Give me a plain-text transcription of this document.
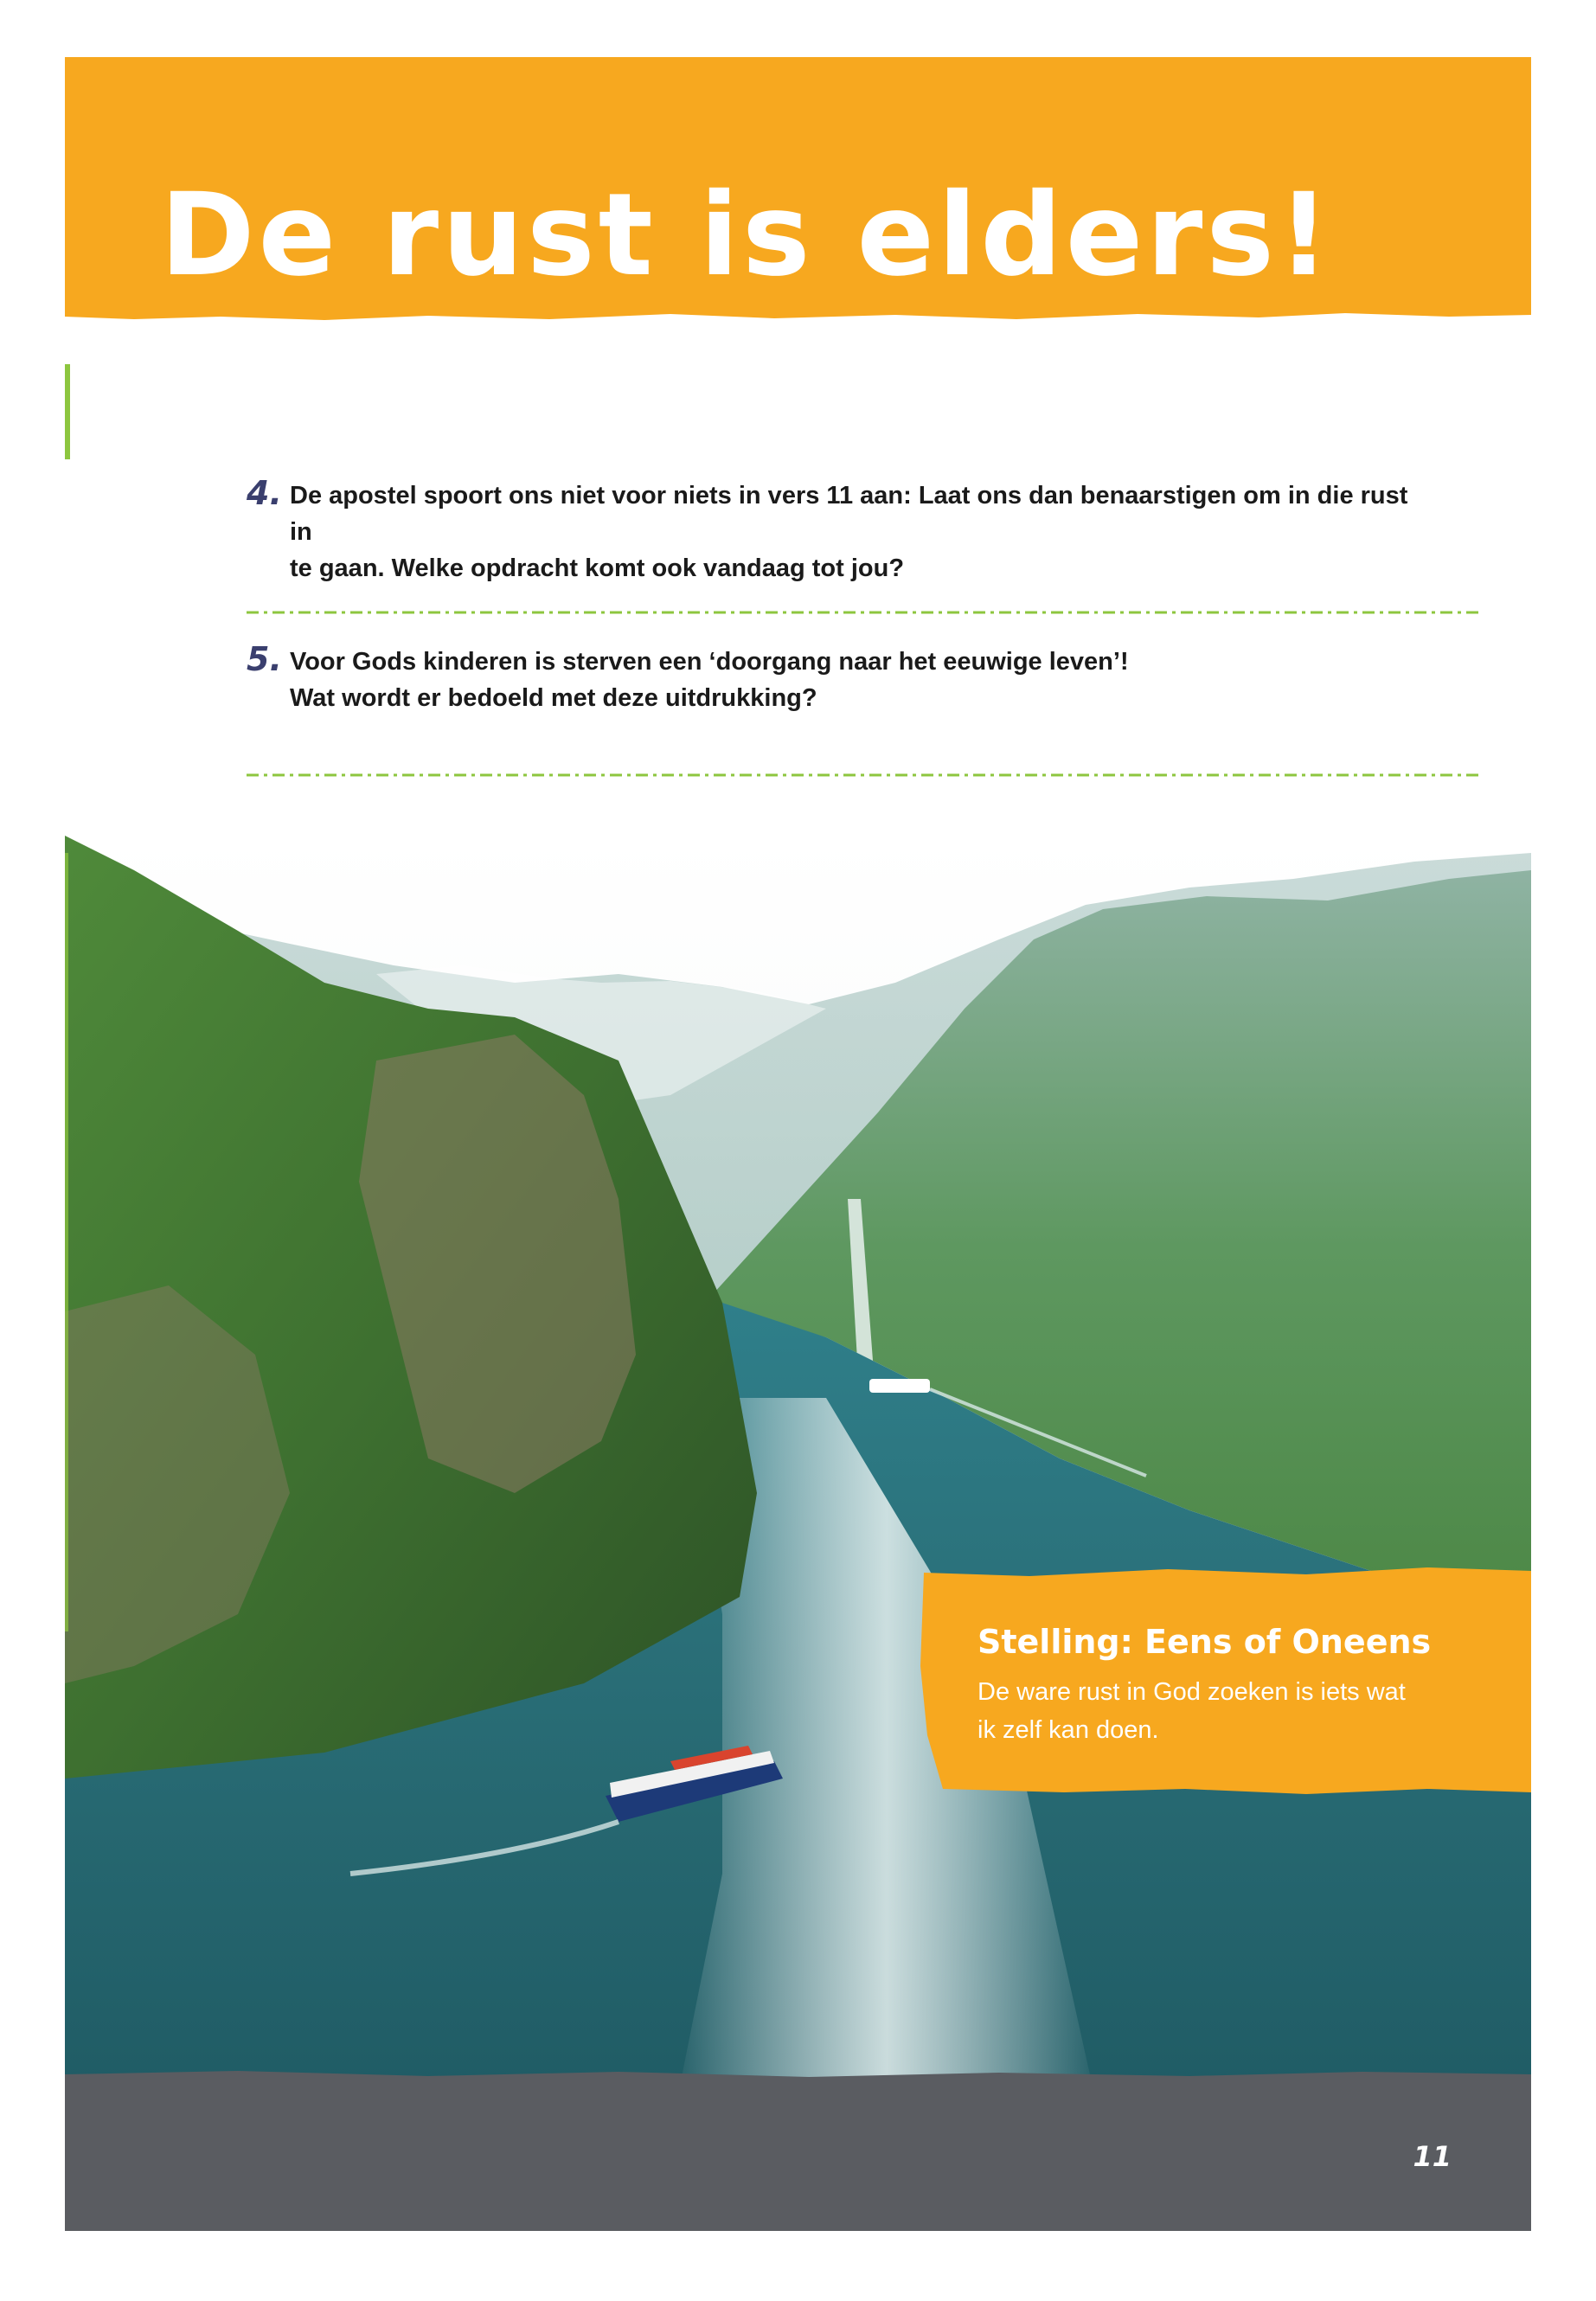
De rust is elders!
4. De apostel spoort ons niet voor niets in vers 11 aan: Laat ons dan benaarstigen om in die rust in
te gaan. Welke opdracht komt ook vandaag tot jou?
5. Voor Gods kinderen is sterven een ‘doorgang naar het eeuwige leven’!
Wat wordt er bedoeld met deze uitdrukking?
Stelling: Eens of Oneens
De ware rust in God zoeken is iets wat
ik zelf kan doen.
11
